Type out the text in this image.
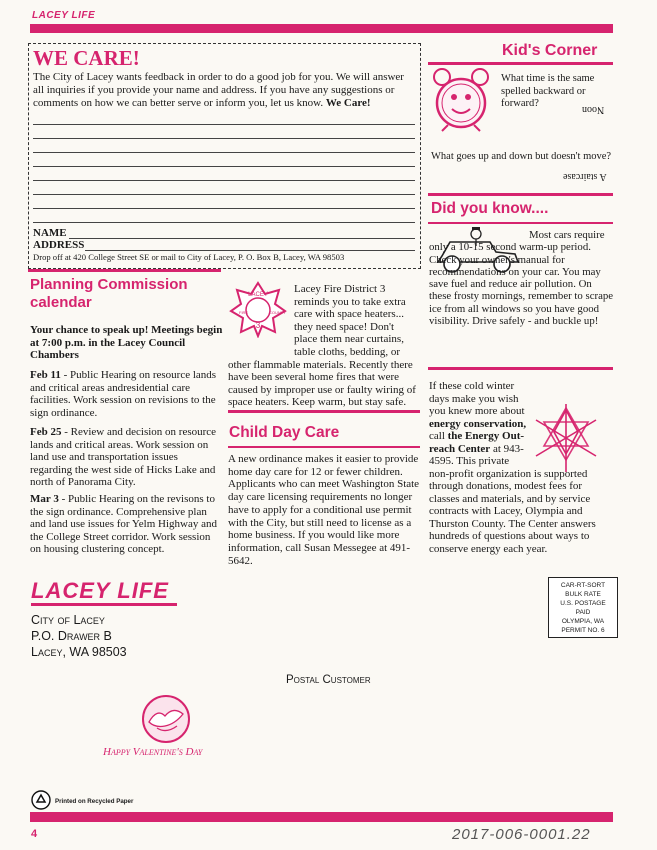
LACEY LIFE
WE CARE!
The City of Lacey wants feedback in order to do a good job for you. We will answer all inquiries if you provide your name and address. If you have any suggestions or comments on how we can better serve or inform you, let us know. We Care!
NAME
ADDRESS
Drop off at 420 College Street SE or mail to City of Lacey, P. O. Box B, Lacey, WA 98503
Kid's Corner
What time is the same spelled backward or forward?
Noon
What goes up and down but doesn't move?
A staircase
Did you know....
Most cars require only a 10-15 second warm-up period. Check your owner's manual for recommendations on your car. You may save fuel and reduce air pollution. On these frosty mornings, remember to scrape ice from all windows so you have good visibility. Drive safely - and buckle up!
Planning Commission
calendar
Your chance to speak up! Meetings begin at 7:00 p.m. in the Lacey Council Chambers
Feb 11 - Public Hearing on resource lands and critical areas andresidential care facilities. Work session on revisions to the sign ordinance.
Feb 25 - Review and decision on resource lands and critical areas. Work session on land use and transportation issues regarding the west side of Hicks Lake and north of Panorama City.
Mar 3 - Public Hearing on the revisons to the sign ordinance. Comprehensive plan and land use issues for Yelm Highway and the College Street corridor. Work session on housing clustering concept.
LACEY
FIRE	COUNTY
3
Lacey Fire District 3 reminds you to take extra care with space heaters... they need space! Don't place them near curtains, table cloths, bedding, or other flammable materials. Recently there have been several home fires that were caused by improper use or faulty wiring of space heaters. Keep warm, but stay safe.
Child Day Care
A new ordinance makes it easier to provide home day care for 12 or fewer children. Applicants who can meet Washington State day care licensing requirements no longer have to apply for a conditional use permit with the City, but still need to license as a home business. If you would like more information, call Susan Messegee at 491-5642.
If these cold winter days make you wish you knew more about energy conservation, call the Energy Out-reach Center at 943-4595. This private non-profit organization is supported through donations, modest fees for classes and materials, and by service contracts with Lacey, Olympia and Thurston County. The Center answers hundreds of questions about ways to conserve energy each year.
LACEY LIFE
City of Lacey
P.O. Drawer B
Lacey, WA 98503
CAR-RT-SORT
BULK RATE
U.S. POSTAGE
PAID
OLYMPIA, WA
PERMIT NO. 6
Postal Customer
Happy Valentine's Day
Printed on Recycled Paper
4	2017-006-0001.22
